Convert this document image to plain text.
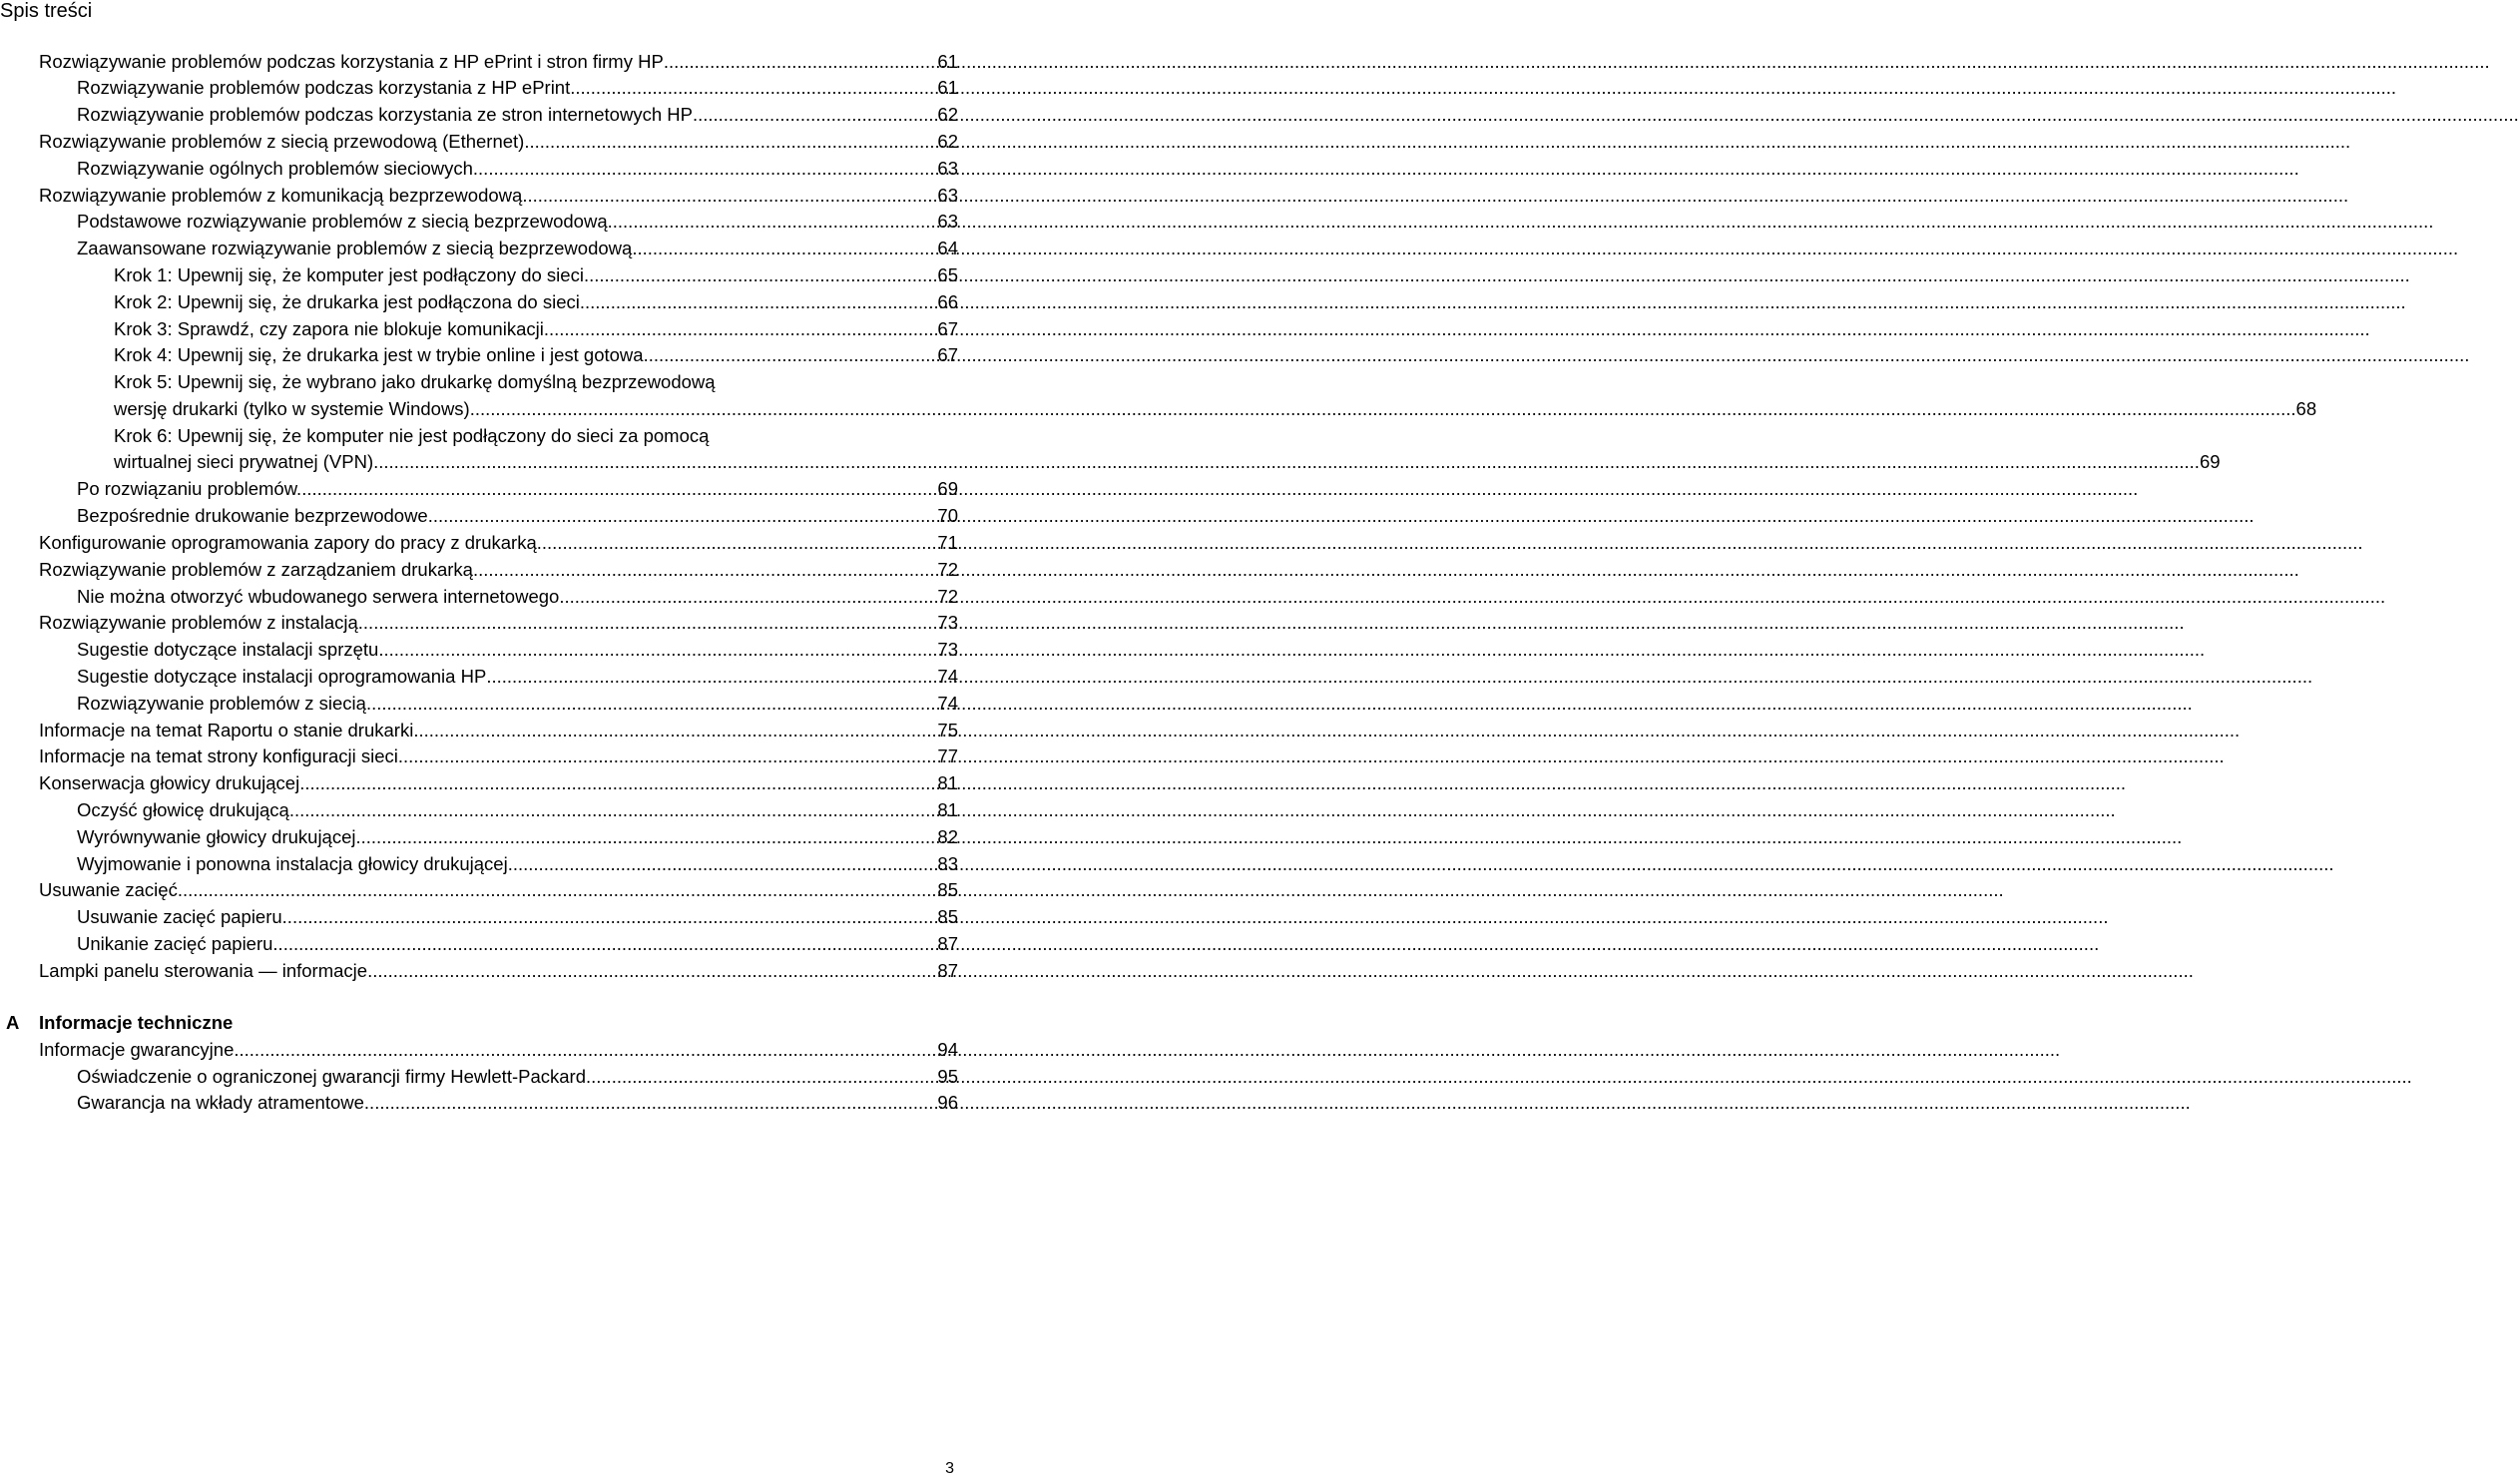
Spis treści
Rozwiązywanie problemów podczas korzystania z HP ePrint i stron firmy HP .....	61
Rozwiązywanie problemów podczas korzystania z HP ePrint .....	61
Rozwiązywanie problemów podczas korzystania ze stron internetowych HP .....	62
Rozwiązywanie problemów z siecią przewodową (Ethernet) .....	62
Rozwiązywanie ogólnych problemów sieciowych .....	63
Rozwiązywanie problemów z komunikacją bezprzewodową .....	63
Podstawowe rozwiązywanie problemów z siecią bezprzewodową .....	63
Zaawansowane rozwiązywanie problemów z siecią bezprzewodową .....	64
Krok 1: Upewnij się, że komputer jest podłączony do sieci .....	65
Krok 2: Upewnij się, że drukarka jest podłączona do sieci .....	66
Krok 3: Sprawdź, czy zapora nie blokuje komunikacji .....	67
Krok 4: Upewnij się, że drukarka jest w trybie online i jest gotowa .....	67
Krok 5: Upewnij się, że wybrano jako drukarkę domyślną bezprzewodową
wersję drukarki (tylko w systemie Windows) .....	68
Krok 6: Upewnij się, że komputer nie jest podłączony do sieci za pomocą
wirtualnej sieci prywatnej (VPN) .....	69
Po rozwiązaniu problemów... .....	69
Bezpośrednie drukowanie bezprzewodowe .....	70
Konfigurowanie oprogramowania zapory do pracy z drukarką .....	71
Rozwiązywanie problemów z zarządzaniem drukarką .....	72
Nie można otworzyć wbudowanego serwera internetowego .....	72
Rozwiązywanie problemów z instalacją .....	73
Sugestie dotyczące instalacji sprzętu .....	73
Sugestie dotyczące instalacji oprogramowania HP .....	74
Rozwiązywanie problemów z siecią .....	74
Informacje na temat Raportu o stanie drukarki .....	75
Informacje na temat strony konfiguracji sieci .....	77
Konserwacja głowicy drukującej .....	81
Oczyść głowicę drukującą .....	81
Wyrównywanie głowicy drukującej .....	82
Wyjmowanie i ponowna instalacja głowicy drukującej .....	83
Usuwanie zacięć .....	85
Usuwanie zacięć papieru .....	85
Unikanie zacięć papieru .....	87
Lampki panelu sterowania — informacje .....	87
A Informacje techniczne
Informacje gwarancyjne .....	94
Oświadczenie o ograniczonej gwarancji firmy Hewlett-Packard .....	95
Gwarancja na wkłady atramentowe .....	96
3
